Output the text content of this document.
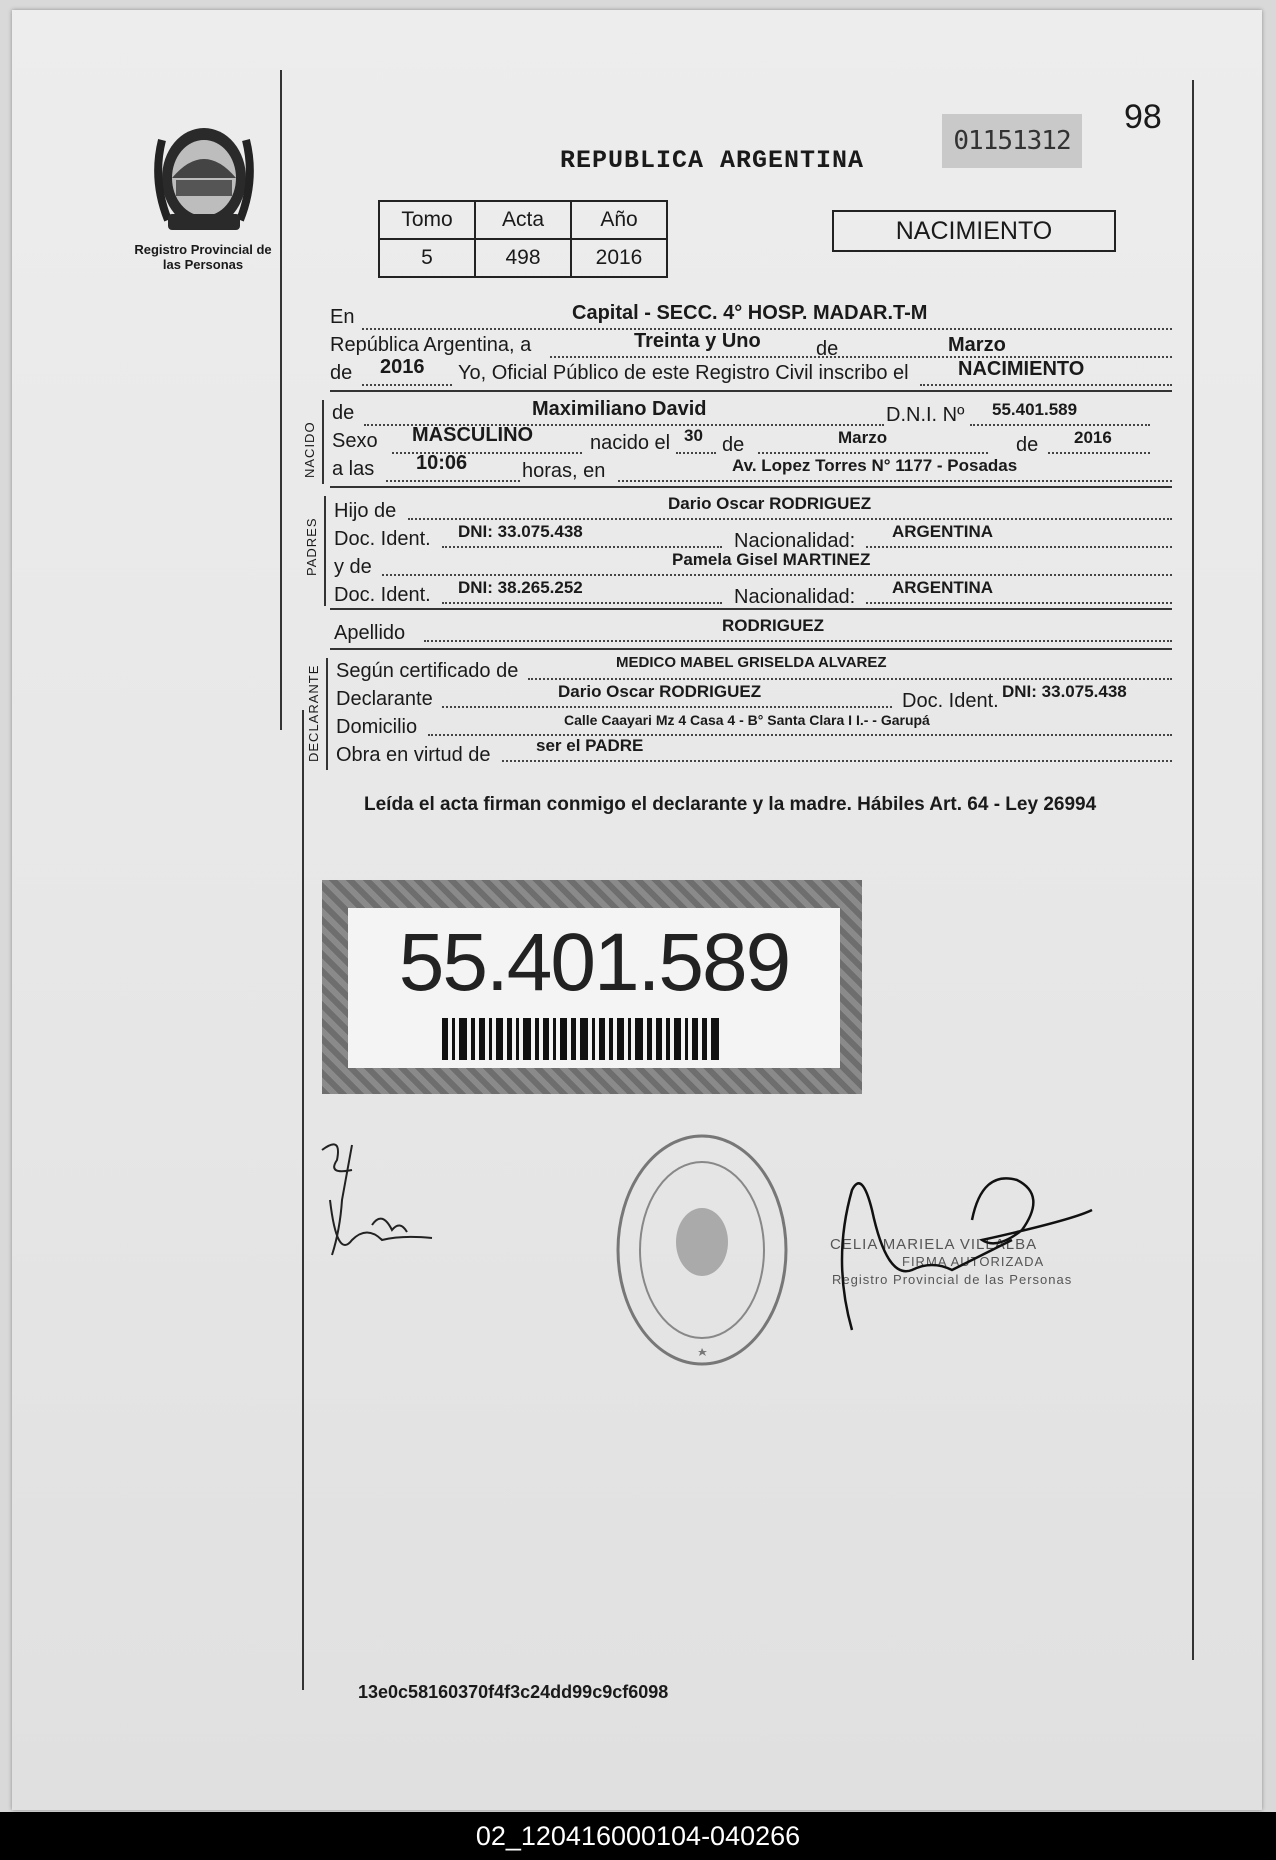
Registro Provincial de las Personas
98
01151312
REPUBLICA ARGENTINA
Tomo	Acta	Año
5	498	2016
NACIMIENTO
En	Capital - SECC. 4° HOSP. MADAR.T-M
República Argentina, a	Treinta y Uno	de	Marzo
de 2016 Yo, Oficial Público de este Registro Civil inscribo el NACIMIENTO
NACIDO
de	Maximiliano David	D.N.I. Nº 55.401.589
Sexo MASCULINO	nacido el 30 de	Marzo	de 2016
a las 10:06	horas, en	Av. Lopez Torres N° 1177 - Posadas
PADRES
Hijo de	Dario Oscar RODRIGUEZ
Doc. Ident. DNI: 33.075.438	Nacionalidad: ARGENTINA
y de	Pamela Gisel MARTINEZ
Doc. Ident. DNI: 38.265.252	Nacionalidad: ARGENTINA
Apellido	RODRIGUEZ
DECLARANTE Según certificado de	MEDICO MABEL GRISELDA ALVAREZ
Declarante	Dario Oscar RODRIGUEZ	Doc. Ident. DNI: 33.075.438
Domicilio	Calle Caayari Mz 4 Casa 4 - B° Santa Clara I I.- - Garupá
Obra en virtud de	ser el PADRE
Leída el acta firman conmigo el declarante y la madre. Hábiles Art. 64 - Ley 26994
55.401.589
CELIA MARIELA VILLALBA
FIRMA AUTORIZADA
Registro Provincial de las Personas
13e0c58160370f4f3c24dd99c9cf6098
02_120416000104-040266
